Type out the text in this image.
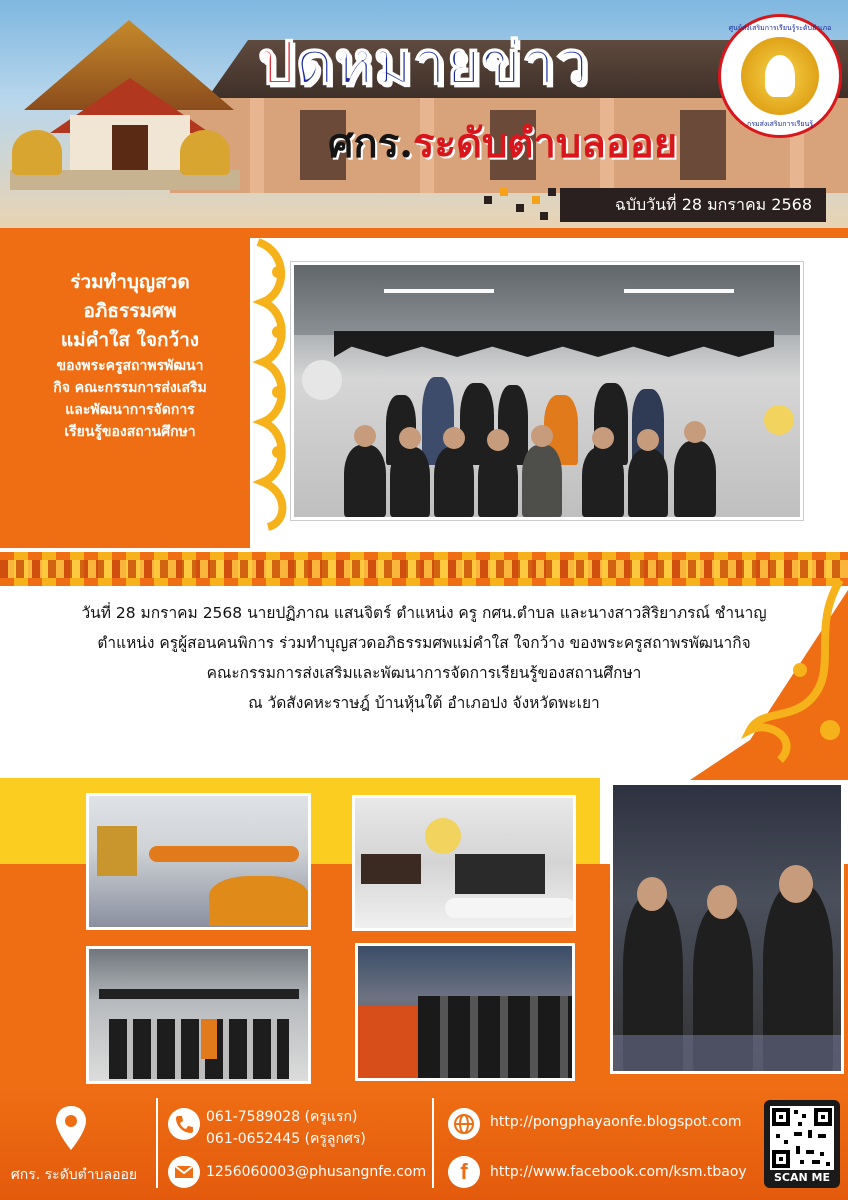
ปดหมายข่าว
ศกร.ระดับตำบลออย
ศูนย์ส่งเสริมการเรียนรู้ระดับอำเภอ
กรมส่งเสริมการเรียนรู้
ฉบับวันที่ 28 มกราคม 2568
ร่วมทำบุญสวด
อภิธรรมศพ
แม่คำใส ใจกว้าง
ของพระครูสถาพรพัฒนา
กิจ คณะกรรมการส่งเสริม
และพัฒนาการจัดการ
เรียนรู้ของสถานศึกษา
วันที่ 28 มกราคม 2568 นายปฏิภาณ แสนจิตร์ ตำแหน่ง ครู กศน.ตำบล และนางสาวสิริยาภรณ์ ชำนาญ
ตำแหน่ง ครูผู้สอนคนพิการ ร่วมทำบุญสวดอภิธรรมศพแม่คำใส ใจกว้าง ของพระครูสถาพรพัฒนากิจ
คณะกรรมการส่งเสริมและพัฒนาการจัดการเรียนรู้ของสถานศึกษา
ณ วัดสังคหะราษฎ์ บ้านหุ้นใต้ อำเภอปง จังหวัดพะเยา
ศกร. ระดับตำบลออย
061-7589028 (ครูแรก)
061-0652445 (ครูลูกศร)
1256060003@phusangnfe.com
http://pongphayaonfe.blogspot.com
f	http://www.facebook.com/ksm.tbaoy	SCAN ME
